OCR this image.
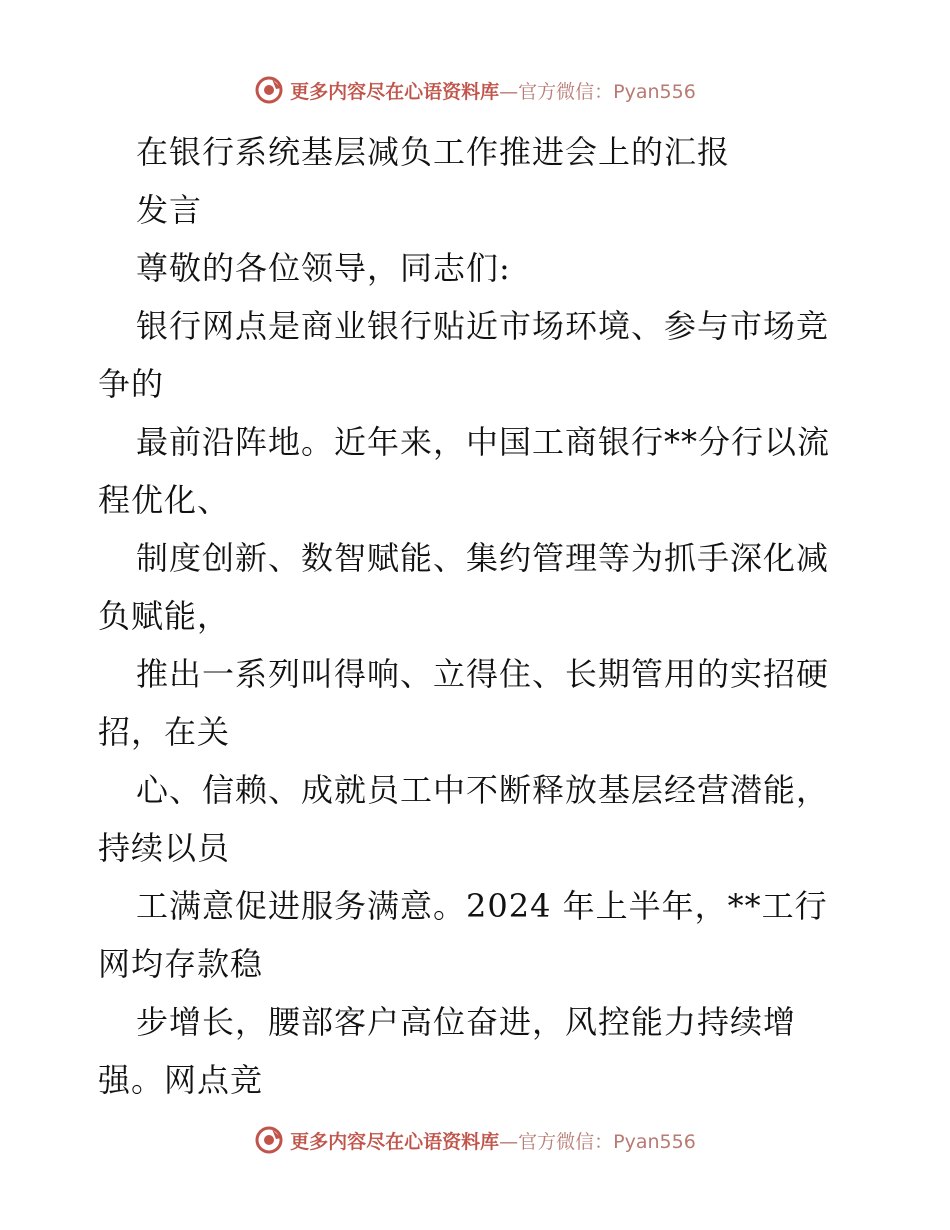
更多内容尽在心语资料库 —官方微信：Pyan556
在银行系统基层减负工作推进会上的汇报
发言
尊敬的各位领导，同志们:
银行网点是商业银行贴近市场环境、参与市场竞
争的
最前沿阵地。近年来，中国工商银行**分行以流
程优化、
制度创新、数智赋能、集约管理等为抓手深化减
负赋能，
推出一系列叫得响、立得住、长期管用的实招硬
招，在关
心、信赖、成就员工中不断释放基层经营潜能，
持续以员
工满意促进服务满意。2024 年上半年，**工行
网均存款稳
步增长，腰部客户高位奋进，风控能力持续增
强。网点竞
更多内容尽在心语资料库 —官方微信：Pyan556
